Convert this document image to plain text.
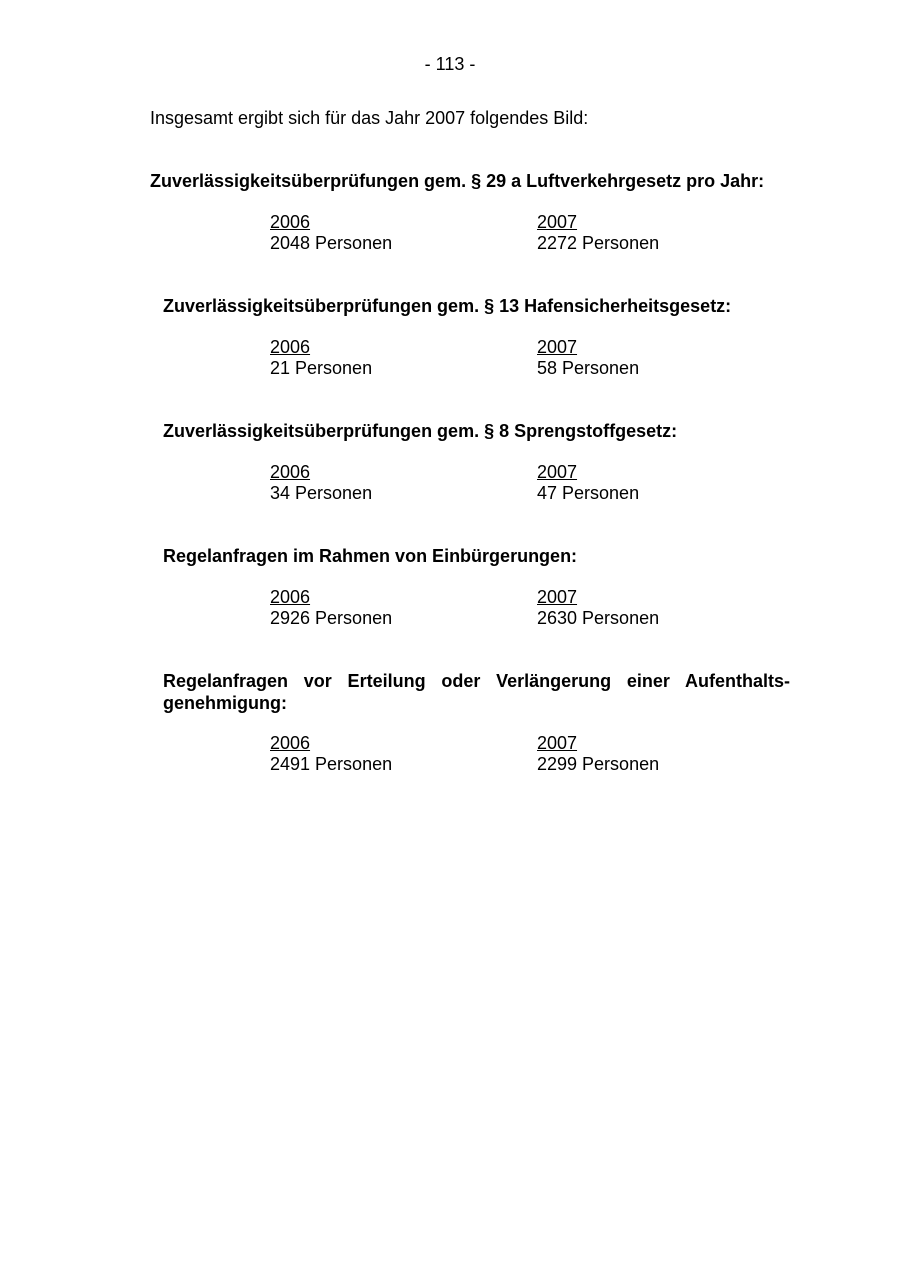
- 113 -
Insgesamt ergibt sich für das Jahr 2007 folgendes Bild:
Zuverlässigkeitsüberprüfungen gem. § 29 a Luftverkehrgesetz pro Jahr:
2006
2048 Personen
2007
2272 Personen
Zuverlässigkeitsüberprüfungen gem. § 13 Hafensicherheitsgesetz:
2006
21 Personen
2007
58 Personen
Zuverlässigkeitsüberprüfungen gem. § 8 Sprengstoffgesetz:
2006
34 Personen
2007
47 Personen
Regelanfragen im Rahmen von Einbürgerungen:
2006
2926 Personen
2007
2630 Personen
Regelanfragen vor Erteilung oder Verlängerung einer Aufenthalts-
genehmigung:
2006
2491 Personen
2007
2299 Personen
